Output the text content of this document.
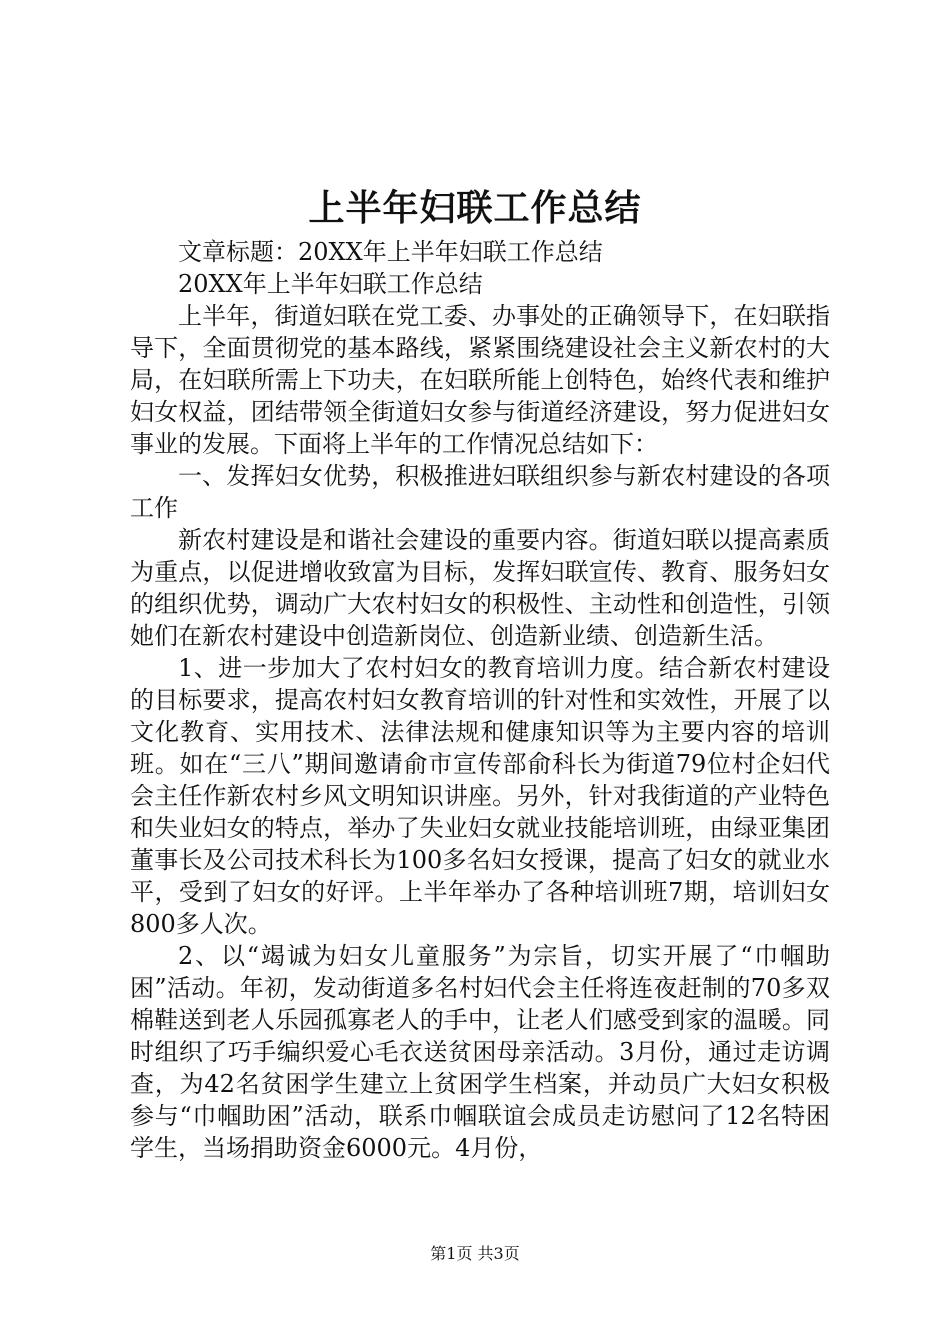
上半年妇联工作总结

文章标题：20XX年上半年妇联工作总结

20XX年上半年妇联工作总结

上半年，街道妇联在党工委、办事处的正确领导下，在妇联指导下，全面贯彻党的基本路线，紧紧围绕建设社会主义新农村的大局，在妇联所需上下功夫，在妇联所能上创特色，始终代表和维护妇女权益，团结带领全街道妇女参与街道经济建设，努力促进妇女事业的发展。下面将上半年的工作情况总结如下：

一、发挥妇女优势，积极推进妇联组织参与新农村建设的各项工作

新农村建设是和谐社会建设的重要内容。街道妇联以提高素质为重点，以促进增收致富为目标，发挥妇联宣传、教育、服务妇女的组织优势，调动广大农村妇女的积极性、主动性和创造性，引领她们在新农村建设中创造新岗位、创造新业绩、创造新生活。

1、进一步加大了农村妇女的教育培训力度。结合新农村建设的目标要求，提高农村妇女教育培训的针对性和实效性，开展了以文化教育、实用技术、法律法规和健康知识等为主要内容的培训班。如在“三八”期间邀请俞市宣传部俞科长为街道79位村企妇代会主任作新农村乡风文明知识讲座。另外，针对我街道的产业特色和失业妇女的特点，举办了失业妇女就业技能培训班，由绿亚集团董事长及公司技术科长为100多名妇女授课，提高了妇女的就业水平，受到了妇女的好评。上半年举办了各种培训班7期，培训妇女800多人次。

2、以“竭诚为妇女儿童服务”为宗旨，切实开展了“巾帼助困”活动。年初，发动街道多名村妇代会主任将连夜赶制的70多双棉鞋送到老人乐园孤寡老人的手中，让老人们感受到家的温暖。同时组织了巧手编织爱心毛衣送贫困母亲活动。3月份，通过走访调查，为42名贫困学生建立上贫困学生档案，并动员广大妇女积极参与“巾帼助困”活动，联系巾帼联谊会成员走访慰问了12名特困学生，当场捐助资金6000元。4月份，

第1页 共3页
